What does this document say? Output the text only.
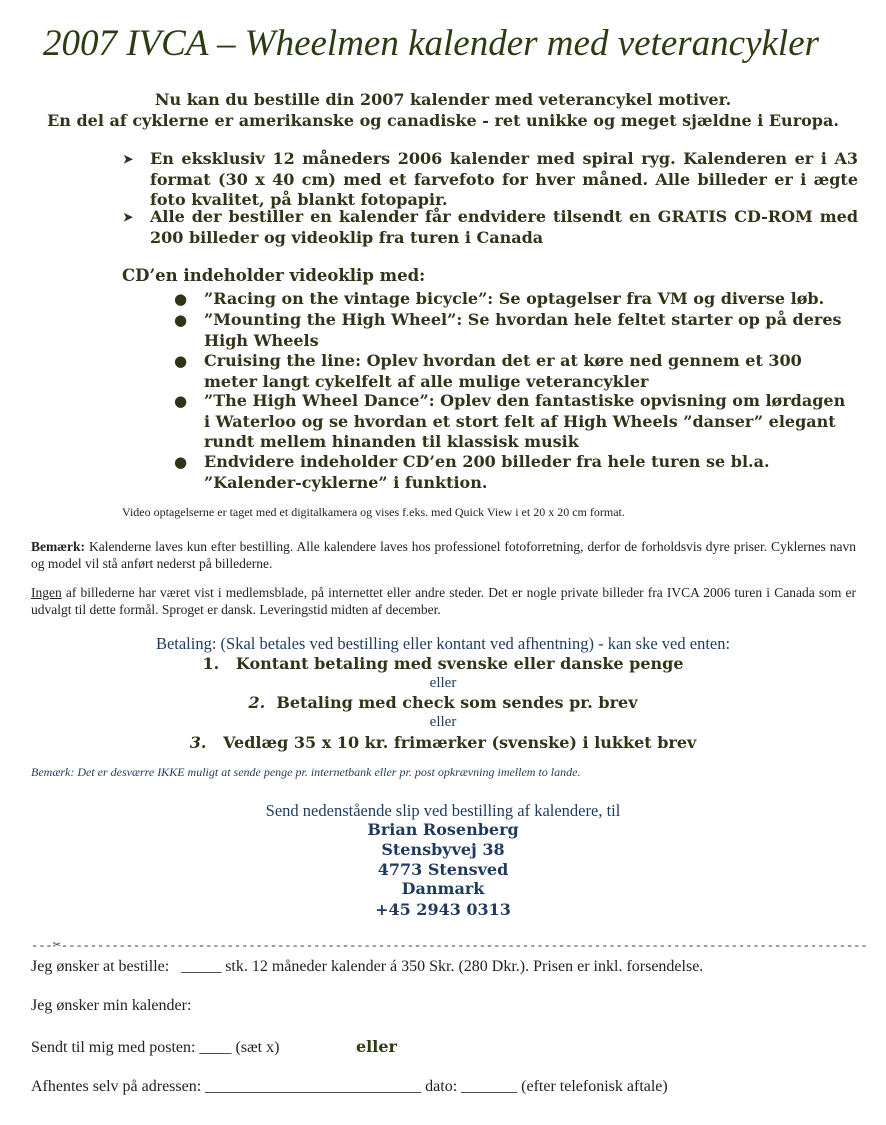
2007 IVCA – Wheelmen kalender med veterancykler
Nu kan du bestille din 2007 kalender med veterancykel motiver.
En del af cyklerne er amerikanske og canadiske - ret unikke og meget sjældne i Europa.
➤ En eksklusiv 12 måneders 2006 kalender med spiral ryg. Kalenderen er i A3 format (30 x 40 cm) med et farvefoto for hver måned. Alle billeder er i ægte foto kvalitet, på blankt fotopapir.
➤ Alle der bestiller en kalender får endvidere tilsendt en GRATIS CD-ROM med 200 billeder og videoklip fra turen i Canada
CD’en indeholder videoklip med:
● ”Racing on the vintage bicycle”: Se optagelser fra VM og diverse løb.
● ”Mounting the High Wheel”: Se hvordan hele feltet starter op på deres High Wheels
● Cruising the line: Oplev hvordan det er at køre ned gennem et 300 meter langt cykelfelt af alle mulige veterancykler
● ”The High Wheel Dance”: Oplev den fantastiske opvisning om lørdagen i Waterloo og se hvordan et stort felt af High Wheels ”danser” elegant rundt mellem hinanden til klassisk musik
● Endvidere indeholder CD’en 200 billeder fra hele turen se bl.a. ”Kalender-cyklerne” i funktion.
Video optagelserne er taget med et digitalkamera og vises f.eks. med Quick View i et 20 x 20 cm format.
Bemærk: Kalenderne laves kun efter bestilling. Alle kalendere laves hos professionel fotoforretning, derfor de forholdsvis dyre priser. Cyklernes navn og model vil stå anført nederst på billederne.
Ingen af billederne har været vist i medlemsblade, på internettet eller andre steder. Det er nogle private billeder fra IVCA 2006 turen i Canada som er udvalgt til dette formål. Sproget er dansk. Leveringstid midten af december.
Betaling: (Skal betales ved bestilling eller kontant ved afhentning) - kan ske ved enten:
1. Kontant betaling med svenske eller danske penge
eller
2. Betaling med check som sendes pr. brev
eller
3. Vedlæg 35 x 10 kr. frimærker (svenske) i lukket brev
Bemærk: Det er desværre IKKE muligt at sende penge pr. internetbank eller pr. post opkrævning imellem to lande.
Send nedenstående slip ved bestilling af kalendere, til
Brian Rosenberg
Stensbyvej 38
4773 Stensved
Danmark
+45 2943 0313
---✂----------------------------------------------------------------------------------------------------------------
Jeg ønsker at bestille:   _____ stk. 12 måneder kalender á 350 Skr. (280 Dkr.). Prisen er inkl. forsendelse.
Jeg ønsker min kalender:
Sendt til mig med posten: ____ (sæt x)	eller
Afhentes selv på adressen: ___________________________ dato: _______ (efter telefonisk aftale)
